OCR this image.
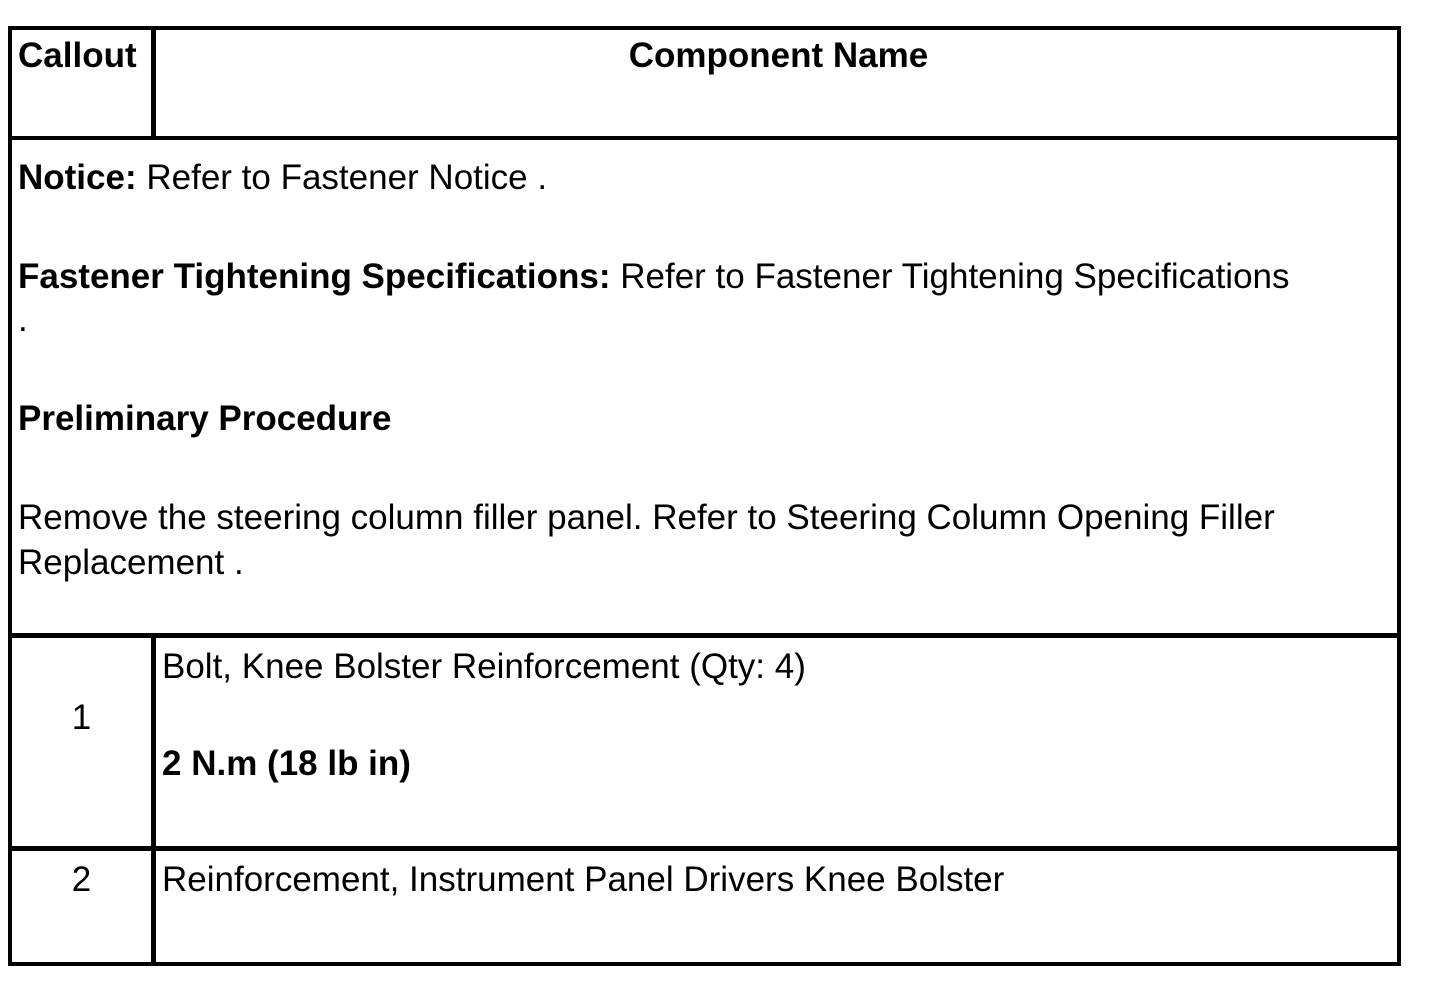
Callout	Component Name
Notice: Refer to Fastener Notice .
Fastener Tightening Specifications: Refer to Fastener Tightening Specifications
.
Preliminary Procedure
Remove the steering column filler panel. Refer to Steering Column Opening Filler
Replacement .
1
Bolt, Knee Bolster Reinforcement (Qty: 4)
2 N.m (18 lb in)
2	Reinforcement, Instrument Panel Drivers Knee Bolster
